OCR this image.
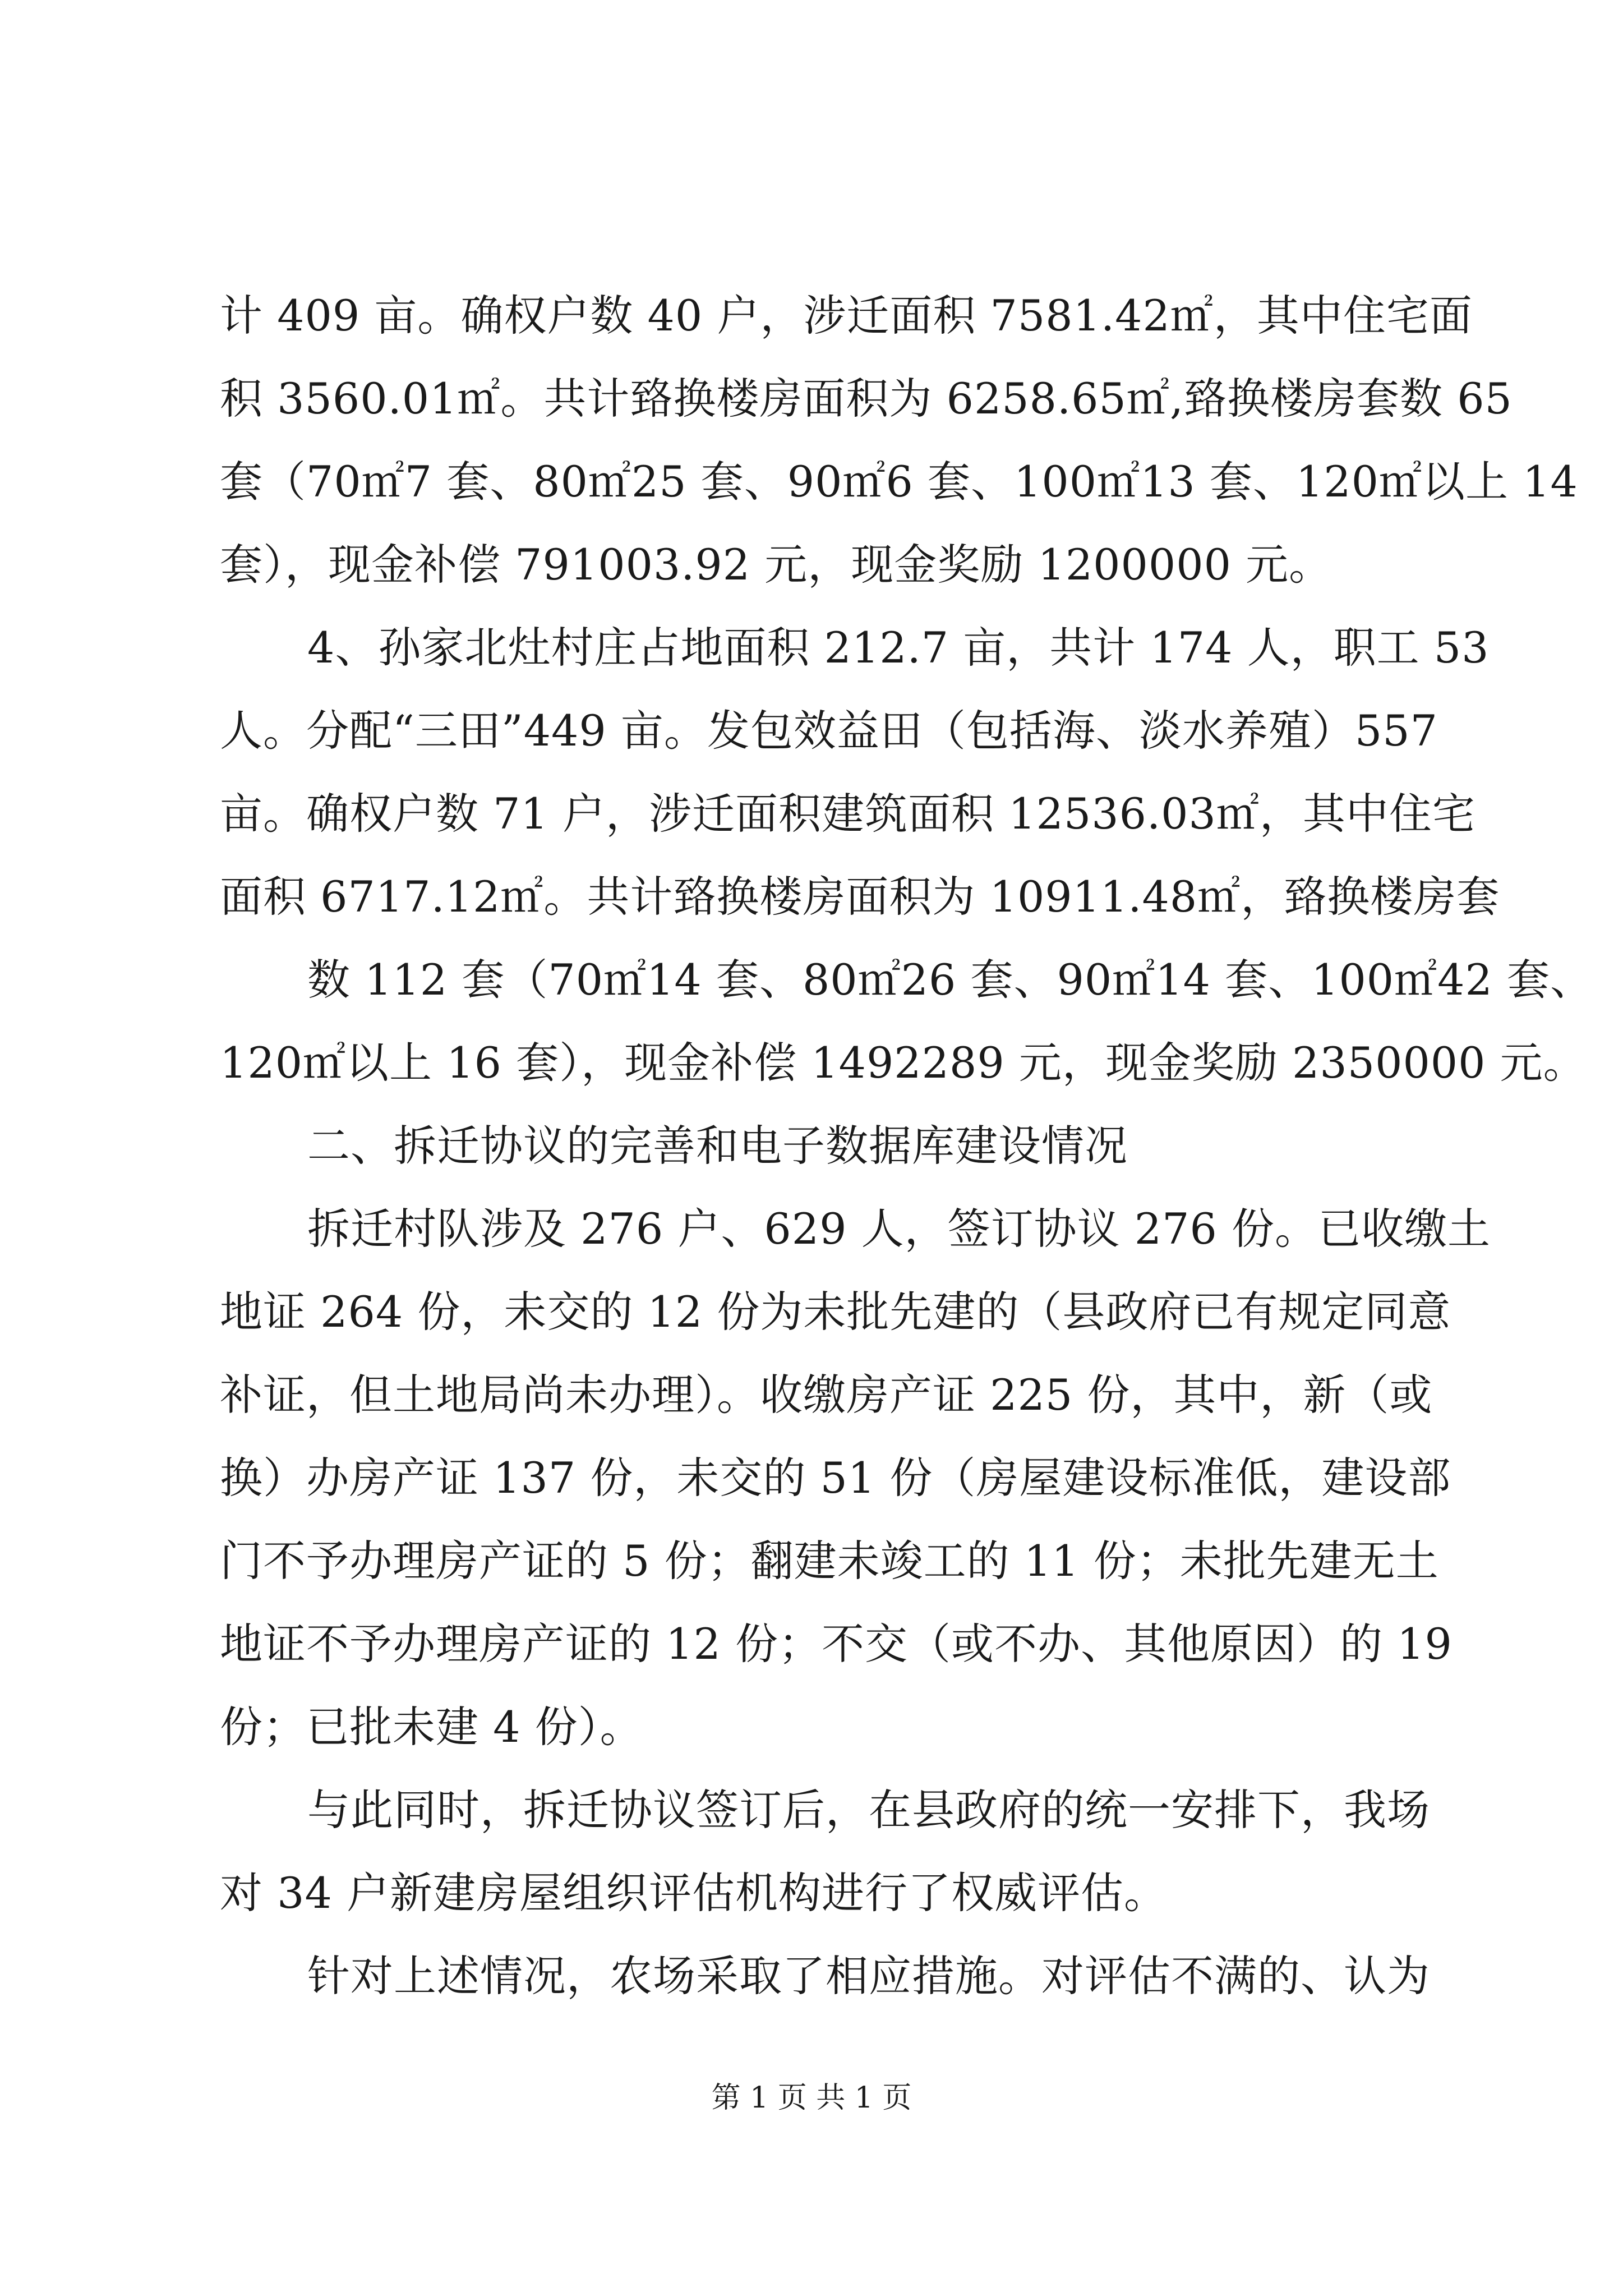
计 409 亩。确权户数 40 户，涉迁面积 7581.42㎡，其中住宅面
积 3560.01㎡。共计臵换楼房面积为 6258.65㎡,臵换楼房套数 65
套（70㎡7 套、80㎡25 套、90㎡6 套、100㎡13 套、120㎡以上 14
套），现金补偿 791003.92 元，现金奖励 1200000 元。
4、孙家北灶村庄占地面积 212.7 亩，共计 174 人，职工 53
人。分配“三田”449 亩。发包效益田（包括海、淡水养殖）557
亩。确权户数 71 户，涉迁面积建筑面积 12536.03㎡，其中住宅
面积 6717.12㎡。共计臵换楼房面积为 10911.48㎡，臵换楼房套
数 112 套（70㎡14 套、80㎡26 套、90㎡14 套、100㎡42 套、
120㎡以上 16 套），现金补偿 1492289 元，现金奖励 2350000 元。
二、拆迁协议的完善和电子数据库建设情况
拆迁村队涉及 276 户、629 人，签订协议 276 份。已收缴土
地证 264 份，未交的 12 份为未批先建的（县政府已有规定同意
补证，但土地局尚未办理）。收缴房产证 225 份，其中，新（或
换）办房产证 137 份，未交的 51 份（房屋建设标准低，建设部
门不予办理房产证的 5 份；翻建未竣工的 11 份；未批先建无土
地证不予办理房产证的 12 份；不交（或不办、其他原因）的 19
份；已批未建 4 份）。
与此同时，拆迁协议签订后，在县政府的统一安排下，我场
对 34 户新建房屋组织评估机构进行了权威评估。
针对上述情况，农场采取了相应措施。对评估不满的、认为
第 1 页 共 1 页
